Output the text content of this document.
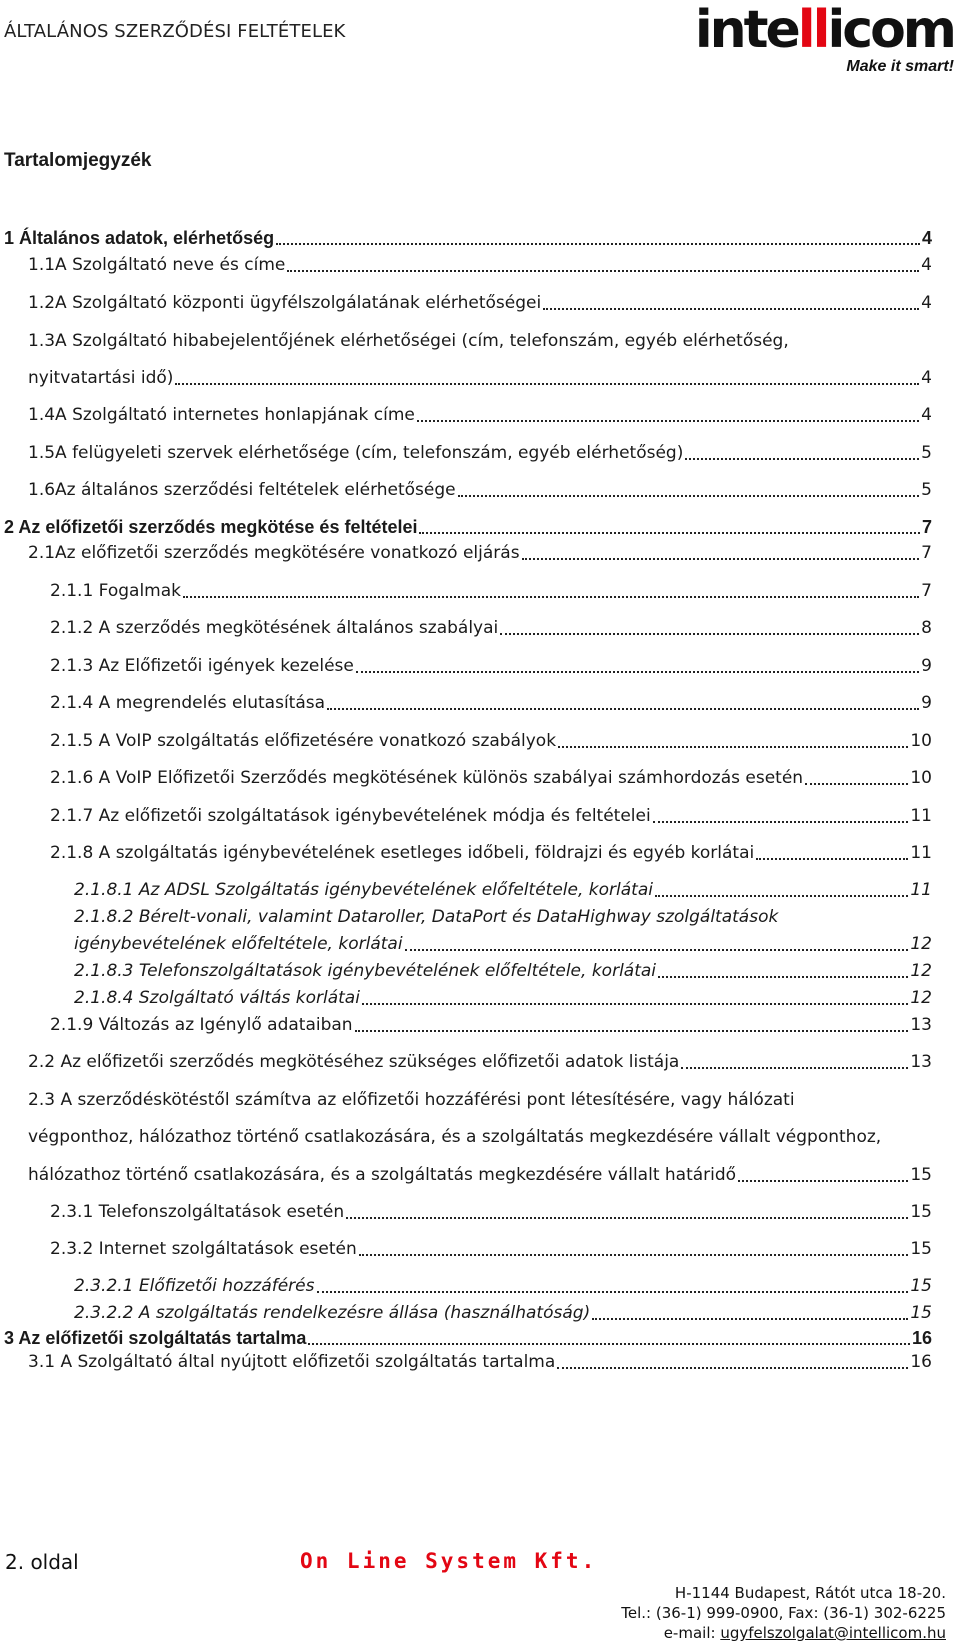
ÁLTALÁNOS SZERZŐDÉSI FELTÉTELEK	intellicom
Make it smart!
Tartalomjegyzék
1 Általános adatok, elérhetőség	4
1.1A Szolgáltató neve és címe	4
1.2A Szolgáltató központi ügyfélszolgálatának elérhetőségei	4
1.3A Szolgáltató hibabejelentőjének elérhetőségei (cím, telefonszám, egyéb elérhetőség,
nyitvatartási idő)	4
1.4A Szolgáltató internetes honlapjának címe	4
1.5A felügyeleti szervek elérhetősége (cím, telefonszám, egyéb elérhetőség)	5
1.6Az általános szerződési feltételek elérhetősége	5
2 Az előfizetői szerződés megkötése és feltételei	7
2.1Az előfizetői szerződés megkötésére vonatkozó eljárás	7
2.1.1 Fogalmak	7
2.1.2 A szerződés megkötésének általános szabályai	8
2.1.3 Az Előfizetői igények kezelése	9
2.1.4 A megrendelés elutasítása	9
2.1.5 A VoIP szolgáltatás előfizetésére vonatkozó szabályok	10
2.1.6 A VoIP Előfizetői Szerződés megkötésének különös szabályai számhordozás esetén	10
2.1.7 Az előfizetői szolgáltatások igénybevételének módja és feltételei	11
2.1.8 A szolgáltatás igénybevételének esetleges időbeli, földrajzi és egyéb korlátai	11
2.1.8.1 Az ADSL Szolgáltatás igénybevételének előfeltétele, korlátai	11
2.1.8.2 Bérelt-vonali, valamint Dataroller, DataPort és DataHighway szolgáltatások
igénybevételének előfeltétele, korlátai	12
2.1.8.3 Telefonszolgáltatások igénybevételének előfeltétele, korlátai	12
2.1.8.4 Szolgáltató váltás korlátai	12
2.1.9 Változás az Igénylő adataiban	13
2.2 Az előfizetői szerződés megkötéséhez szükséges előfizetői adatok listája	13
2.3 A szerződéskötéstől számítva az előfizetői hozzáférési pont létesítésére, vagy hálózati
végponthoz, hálózathoz történő csatlakozására, és a szolgáltatás megkezdésére vállalt végponthoz,
hálózathoz történő csatlakozására, és a szolgáltatás megkezdésére vállalt határidő	15
2.3.1 Telefonszolgáltatások esetén	15
2.3.2 Internet szolgáltatások esetén	15
2.3.2.1 Előfizetői hozzáférés	15
2.3.2.2 A szolgáltatás rendelkezésre állása (használhatóság)	15
3 Az előfizetői szolgáltatás tartalma	16
3.1 A Szolgáltató által nyújtott előfizetői szolgáltatás tartalma	16
2. oldal	On Line System Kft.
H-1144 Budapest, Rátót utca 18-20.
Tel.: (36-1) 999-0900, Fax: (36-1) 302-6225
e-mail: ugyfelszolgalat@intellicom.hu
